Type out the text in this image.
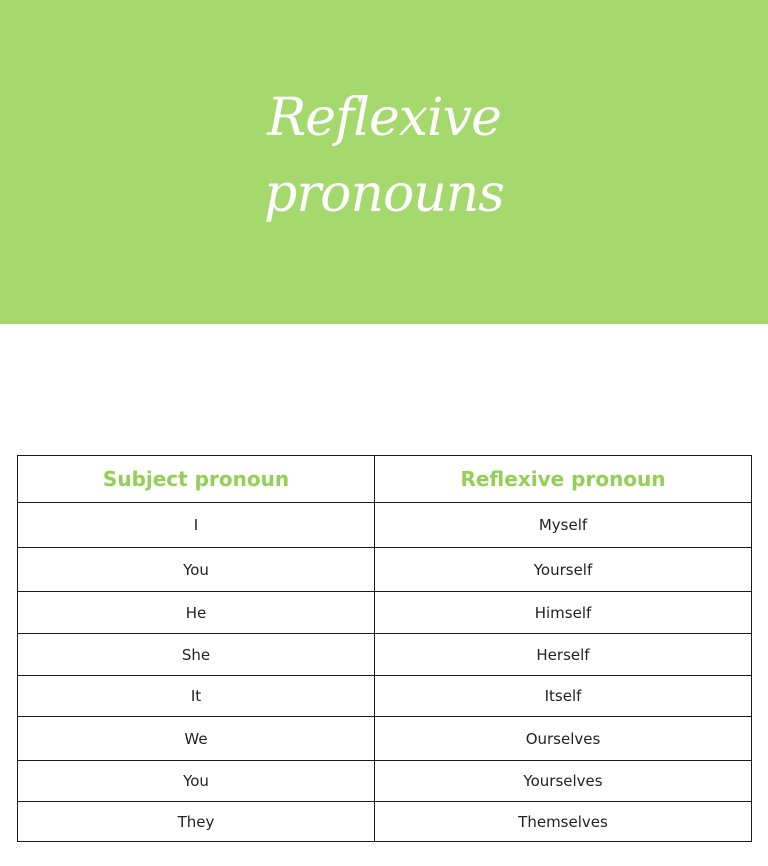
Reflexive
pronouns
Subject pronoun	Reflexive pronoun
I	Myself
You	Yourself
He	Himself
She	Herself
It	Itself
We	Ourselves
You	Yourselves
They	Themselves
